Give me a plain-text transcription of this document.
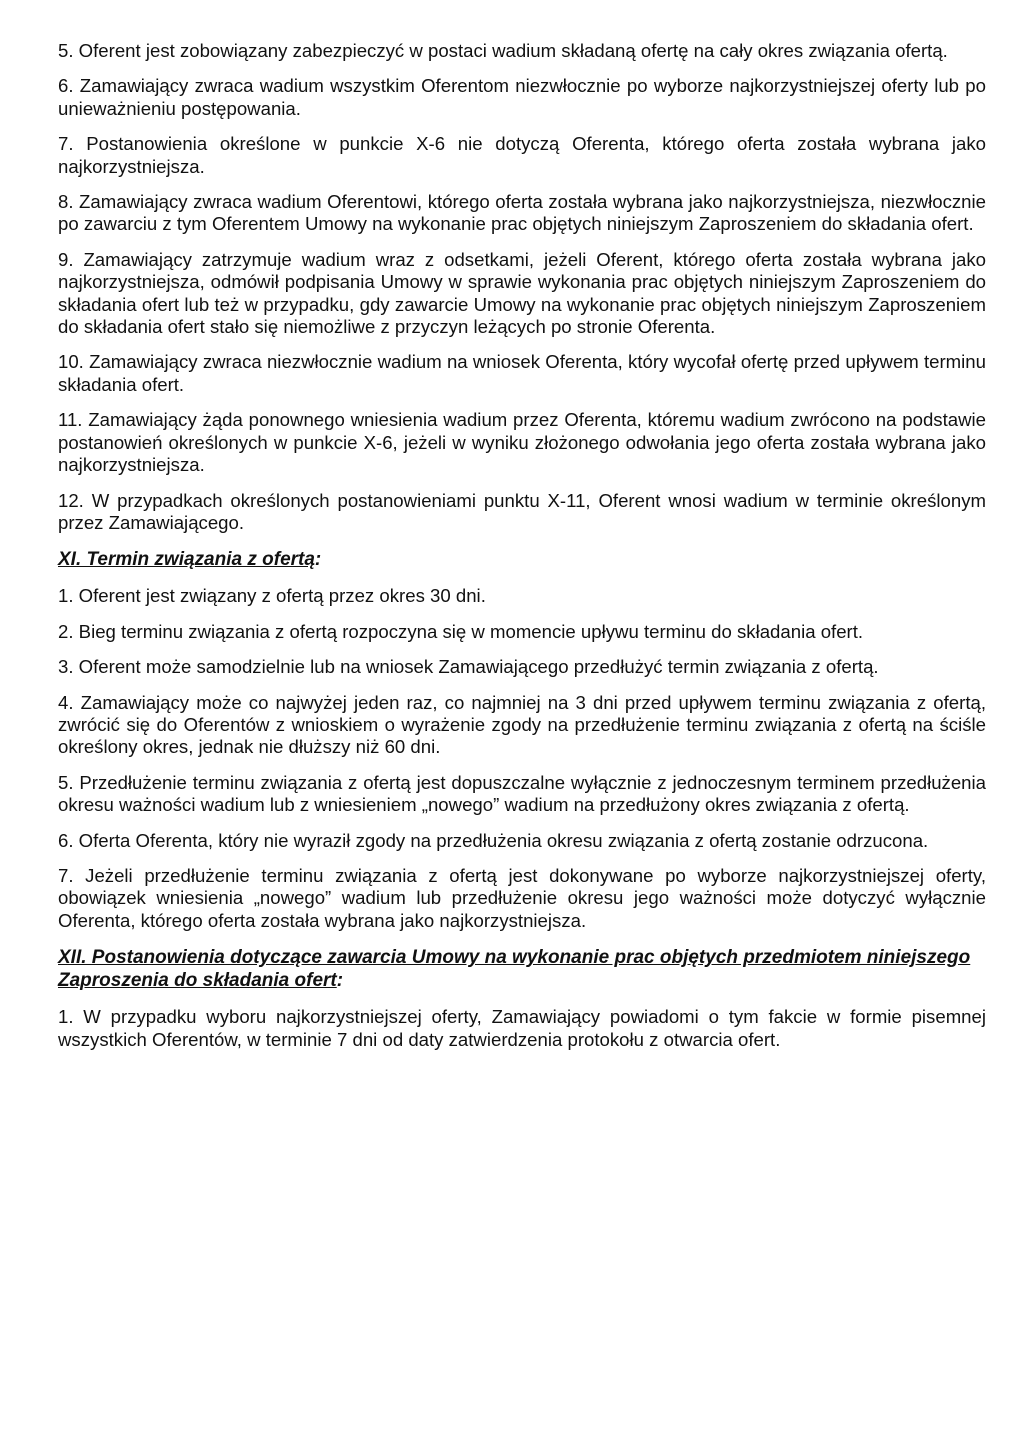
5. Oferent jest zobowiązany zabezpieczyć w postaci wadium składaną ofertę na cały okres związania ofertą.

6. Zamawiający zwraca wadium wszystkim Oferentom niezwłocznie po wyborze najkorzystniejszej oferty lub po unieważnieniu postępowania.

7. Postanowienia określone w punkcie X-6 nie dotyczą Oferenta, którego oferta została wybrana jako najkorzystniejsza.

8. Zamawiający zwraca wadium Oferentowi, którego oferta została wybrana jako najkorzystniejsza, niezwłocznie po zawarciu z tym Oferentem Umowy na wykonanie prac objętych niniejszym Zaproszeniem do składania ofert.

9. Zamawiający zatrzymuje wadium wraz z odsetkami, jeżeli Oferent, którego oferta została wybrana jako najkorzystniejsza, odmówił podpisania Umowy w sprawie wykonania prac objętych niniejszym Zaproszeniem do składania ofert lub też w przypadku, gdy zawarcie Umowy na wykonanie prac objętych niniejszym Zaproszeniem do składania ofert stało się niemożliwe z przyczyn leżących po stronie Oferenta.

10. Zamawiający zwraca niezwłocznie wadium na wniosek Oferenta, który wycofał ofertę przed upływem terminu składania ofert.

11. Zamawiający żąda ponownego wniesienia wadium przez Oferenta, któremu wadium zwrócono na podstawie postanowień określonych w punkcie X-6, jeżeli w wyniku złożonego odwołania jego oferta została wybrana jako najkorzystniejsza.

12. W przypadkach określonych postanowieniami punktu X-11, Oferent wnosi wadium w terminie określonym przez Zamawiającego.

XI. Termin związania z ofertą:

1. Oferent jest związany z ofertą przez okres 30 dni.

2. Bieg terminu związania z ofertą rozpoczyna się w momencie upływu terminu do składania ofert.

3. Oferent może samodzielnie lub na wniosek Zamawiającego przedłużyć termin związania z ofertą.

4. Zamawiający może co najwyżej jeden raz, co najmniej na 3 dni przed upływem terminu związania z ofertą, zwrócić się do Oferentów z wnioskiem o wyrażenie zgody na przedłużenie terminu związania z ofertą na ściśle określony okres, jednak nie dłuższy niż 60 dni.

5. Przedłużenie terminu związania z ofertą jest dopuszczalne wyłącznie z jednoczesnym terminem przedłużenia okresu ważności wadium lub z wniesieniem „nowego” wadium na przedłużony okres związania z ofertą.

6. Oferta Oferenta, który nie wyraził zgody na przedłużenia okresu związania z ofertą zostanie odrzucona.

7. Jeżeli przedłużenie terminu związania z ofertą jest dokonywane po wyborze najkorzystniejszej oferty, obowiązek wniesienia „nowego” wadium lub przedłużenie okresu jego ważności może dotyczyć wyłącznie Oferenta, którego oferta została wybrana jako najkorzystniejsza.

XII. Postanowienia dotyczące zawarcia Umowy na wykonanie prac objętych przedmiotem niniejszego Zaproszenia do składania ofert:

1. W przypadku wyboru najkorzystniejszej oferty, Zamawiający powiadomi o tym fakcie w formie pisemnej wszystkich Oferentów, w terminie 7 dni od daty zatwierdzenia protokołu z otwarcia ofert.
